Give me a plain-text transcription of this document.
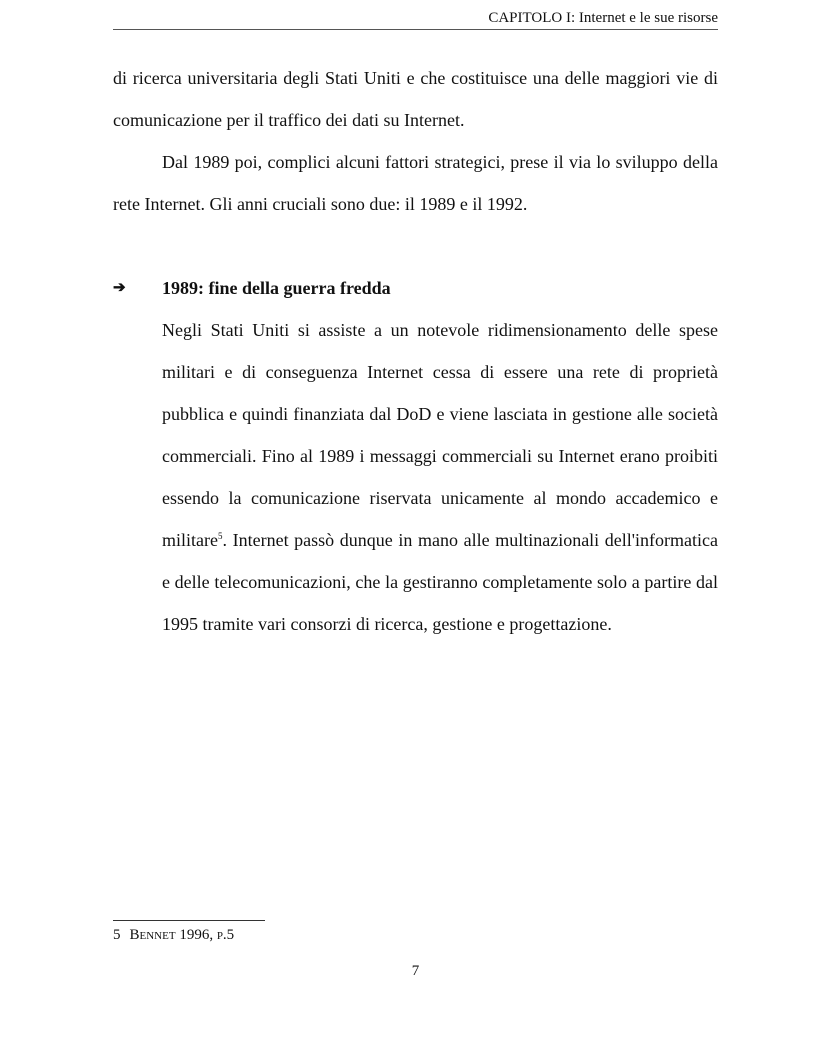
CAPITOLO I: Internet e le sue risorse

di ricerca universitaria degli Stati Uniti e che costituisce una delle maggiori vie di comunicazione per il traffico dei dati su Internet.

Dal 1989 poi, complici alcuni fattori strategici, prese il via lo sviluppo della rete Internet. Gli anni cruciali sono due: il 1989 e il 1992.

➔ 1989: fine della guerra fredda

Negli Stati Uniti si assiste a un notevole ridimensionamento delle spese militari e di conseguenza Internet cessa di essere una rete di proprietà pubblica e quindi finanziata dal DoD e viene lasciata in gestione alle società commerciali. Fino al 1989 i messaggi commerciali su Internet erano proibiti essendo la comunicazione riservata unicamente al mondo accademico e militare$^5$. Internet passò dunque in mano alle multinazionali dell'informatica e delle telecomunicazioni, che la gestiranno completamente solo a partire dal 1995 tramite vari consorzi di ricerca, gestione e progettazione.

5 Bennet 1996, p.5
7
